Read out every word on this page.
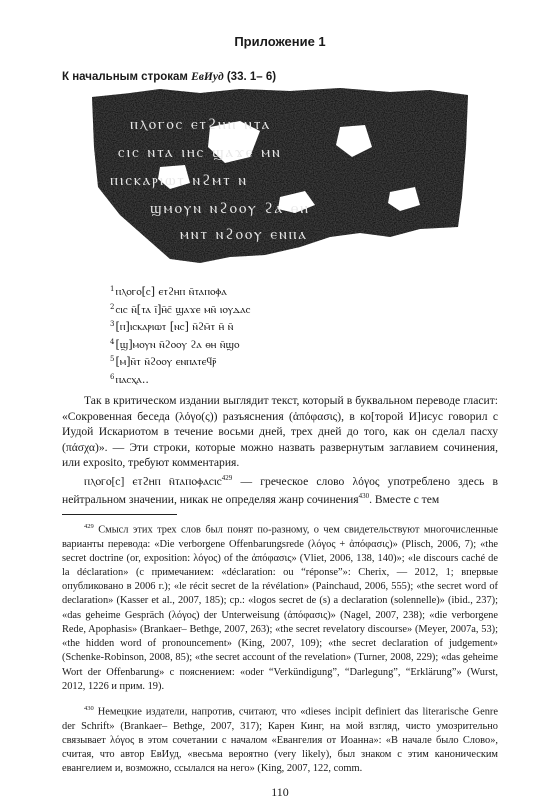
Приложение 1
К начальным строкам ЕвИуд (33. 1– 6)
ⲡⲗⲟⲅⲟⲥ ⲉⲧϩⲏⲡ ⲛⲧⲁ
ⲥⲓⲥ ⲛⲧⲁ ⲓⲏⲥ ϣⲁϫⲉ ⲙⲛ
ⲡⲓⲥⲕⲁⲣⲓⲱⲧ ⲛϩⲙⲧ ⲛ
ϣⲙⲟⲩⲛ ⲛϩⲟⲟⲩ ϩⲁ ⲑⲏ
ⲙⲛⲧ ⲛϩⲟⲟⲩ ⲉⲛⲡⲁ
$^1$ⲡⲗⲟⲅⲟ[ⲥ] ⲉⲧϩⲏⲡ ⲛ̄ⲧⲁⲡⲟⲫⲁ
$^2$ⲥⲓⲥ ⲛ̄[ⲧⲁ ⲓ̄]ⲏ̄ⲥ̄ ϣⲁϫⲉ ⲙⲛ̄ ⲓⲟⲩⲇⲁⲥ
$^3$[ⲡ]ⲓⲥⲕⲁⲣⲓⲱⲧ [ⲛⲥ] ⲛ̄ϩⲙ̄ⲧ ⲏ̄ ⲛ̄
$^4$[ϣ]ⲙⲟⲩⲛ ⲛ̄ϩⲟⲟⲩ ϩⲁ ⲑⲏ ⲛ̄ϣⲟ
$^5$[ⲙ]ⲛ̄ⲧ ⲛ̄ϩⲟⲟⲩ ⲉⲛⲡⲁⲧⲉϥⲣ̄
$^6$ⲡⲁⲥⲭⲁ..

Так в критическом издании выглядит текст, который в буквальном переводе гласит: «Сокровенная беседа (λόγο(ς)) разъяснения (ἀπόφασις), в ко[торой И]исус говорил с Иудой Искариотом в течение восьми дней, трех дней до того, как он сделал пасху (πάσχα)». — Эти строки, которые можно назвать развернутым заглавием сочинения, или exposito, требуют комментария.

ⲡⲗⲟⲅⲟ[ⲥ] ⲉⲧϩⲏⲡ ⲛ̄ⲧⲁⲡⲟⲫⲁⲥⲓⲥ$^{429}$ — греческое слово λόγος употреблено здесь в нейтральном значении, никак не определяя жанр сочинения$^{430}$. Вместе с тем

$^{429}$ Смысл этих трех слов был понят по-разному, о чем свидетельствуют многочисленные варианты перевода: «Die verborgene Offenbarungsrede (λόγος + ἀπόφασις)» (Plisch, 2006, 7); «the secret doctrine (or, exposition: λόγος) of the ἀπόφασις» (Vliet, 2006, 138, 140)»; «le discours caché de la déclaration» (с примечанием: «déclaration: ou “réponse”»: Cherix, — 2012, 1; впервые опубликовано в 2006 г.); «le récit secret de la révélation» (Painchaud, 2006, 555); «the secret word of declaration» (Kasser et al., 2007, 185); ср.: «logos secret de (s) a declaration (solennelle)» (ibid., 237); «das geheime Gespräch (λόγος) der Unterweisung (ἀπόφασις)» (Nagel, 2007, 238); «die verborgene Rede, Apophasis» (Brankaer– Bethge, 2007, 263); «the secret revelatory discourse» (Meyer, 2007a, 53); «the hidden word of pronouncement» (King, 2007, 109); «the secret declaration of judgement» (Schenke-Robinson, 2008, 85); «the secret account of the revelation» (Turner, 2008, 229); «das geheime Wort der Offenbarung» с пояснением: «oder “Verkündigung”, “Darlegung”, “Erklärung”» (Wurst, 2012, 1226 и прим. 19).

$^{430}$ Немецкие издатели, напротив, считают, что «dieses incipit definiert das literarische Genre der Schrift» (Brankaer– Bethge, 2007, 317); Карен Кинг, на мой взгляд, чисто умозрительно связывает λόγος в этом сочетании с началом «Евангелия от Иоанна»: «В начале было Слово», считая, что автор ЕвИуд, «весьма вероятно (very likely), был знаком с этим каноническим евангелием и, возможно, ссылался на него» (King, 2007, 122, comm.

110
